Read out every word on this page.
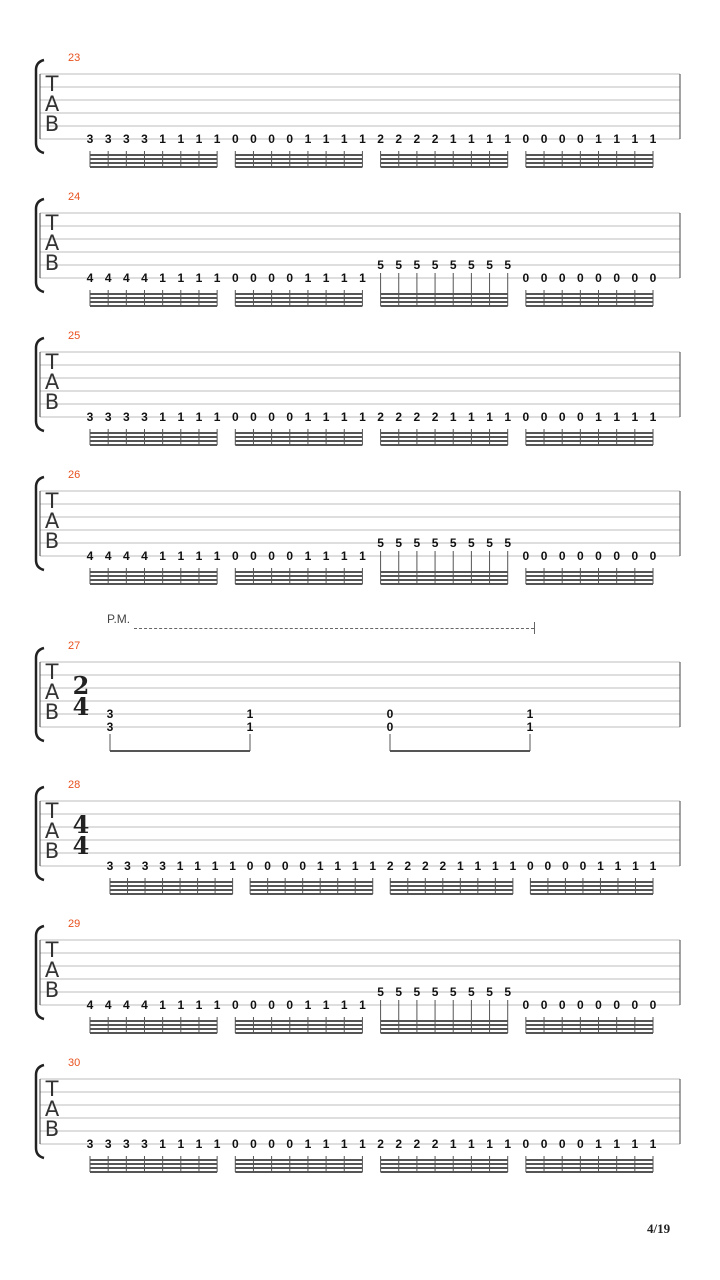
P.M.
4/19
23
T
A
B
3 3 3 3 1 1 1 1 0 0 0 0 1 1 1 1 2 2 2 2 1 1 1 1 0 0 0 0 1 1 1 1
24
T
A
B
4 4 4 4 1 1 1 1 0 0 0 0 1 1 1 1
5 5 5 5 5 5 5 5
0 0 0 0 0 0 0 0
25
T
A
B
3 3 3 3 1 1 1 1 0 0 0 0 1 1 1 1 2 2 2 2 1 1 1 1 0 0 0 0 1 1 1 1
26
T
A
B
4 4 4 4 1 1 1 1 0 0 0 0 1 1 1 1
5 5 5 5 5 5 5 5
0 0 0 0 0 0 0 0
27
T
A
B
2
4 3
3
1
1
0
0
1
1
28
T
A
B
4
4
3 3 3 3 1 1 1 1 0 0 0 0 1 1 1 1 2 2 2 2 1 1 1 1 0 0 0 0 1 1 1 1
29
T
A
B
4 4 4 4 1 1 1 1 0 0 0 0 1 1 1 1
5 5 5 5 5 5 5 5
0 0 0 0 0 0 0 0
30
T
A
B
3 3 3 3 1 1 1 1 0 0 0 0 1 1 1 1 2 2 2 2 1 1 1 1 0 0 0 0 1 1 1 1
